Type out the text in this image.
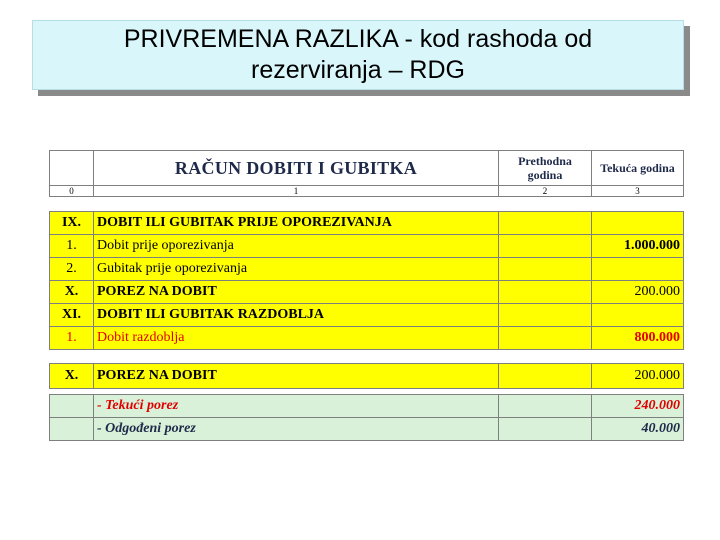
PRIVREMENA RAZLIKA - kod rashoda od
rezerviranja – RDG
	RAČUN DOBITI I GUBITKA	Prethodna godina	Tekuća godina
0	1	2	3
IX.	DOBIT ILI GUBITAK PRIJE OPOREZIVANJA		
1.	Dobit prije oporezivanja		1.000.000
2.	Gubitak prije oporezivanja		
X.	POREZ NA DOBIT		200.000
XI.	DOBIT ILI GUBITAK RAZDOBLJA		
1.	Dobit razdoblja		800.000
X.	POREZ NA DOBIT		200.000

	- Tekući porez		240.000
	- Odgođeni porez		40.000
